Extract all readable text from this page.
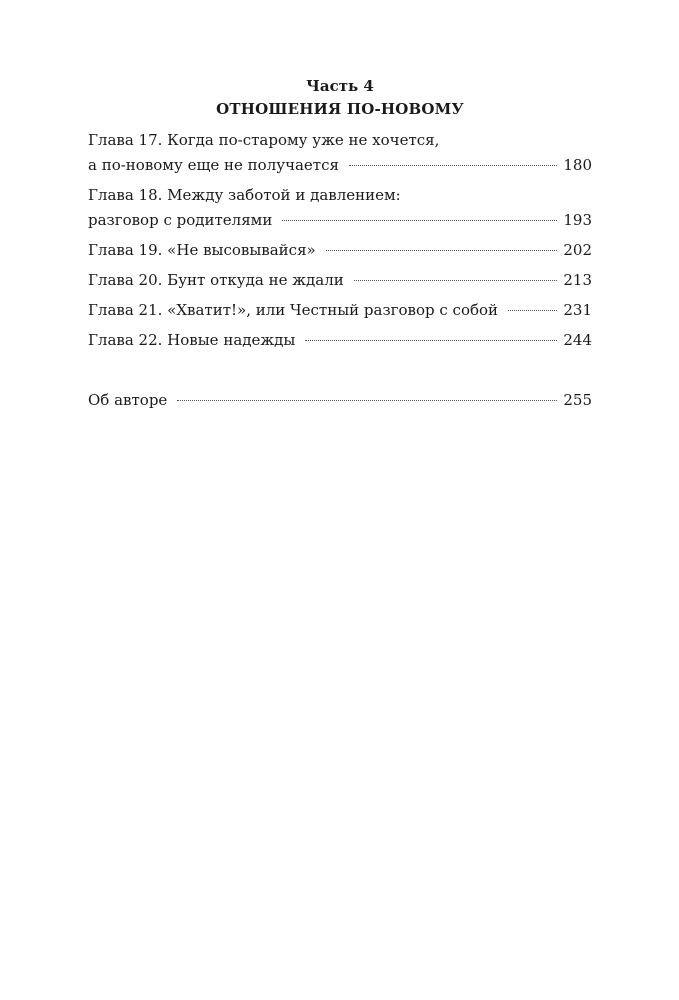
Часть 4
ОТНОШЕНИЯ ПО-НОВОМУ
Глава 17. Когда по-старому уже не хочется,
а по-новому еще не получается	180
Глава 18. Между заботой и давлением:
разговор с родителями	193
Глава 19. «Не высовывайся»	202
Глава 20. Бунт откуда не ждали	213
Глава 21. «Хватит!», или Честный разговор с собой	231
Глава 22. Новые надежды	244
Об авторе	255
